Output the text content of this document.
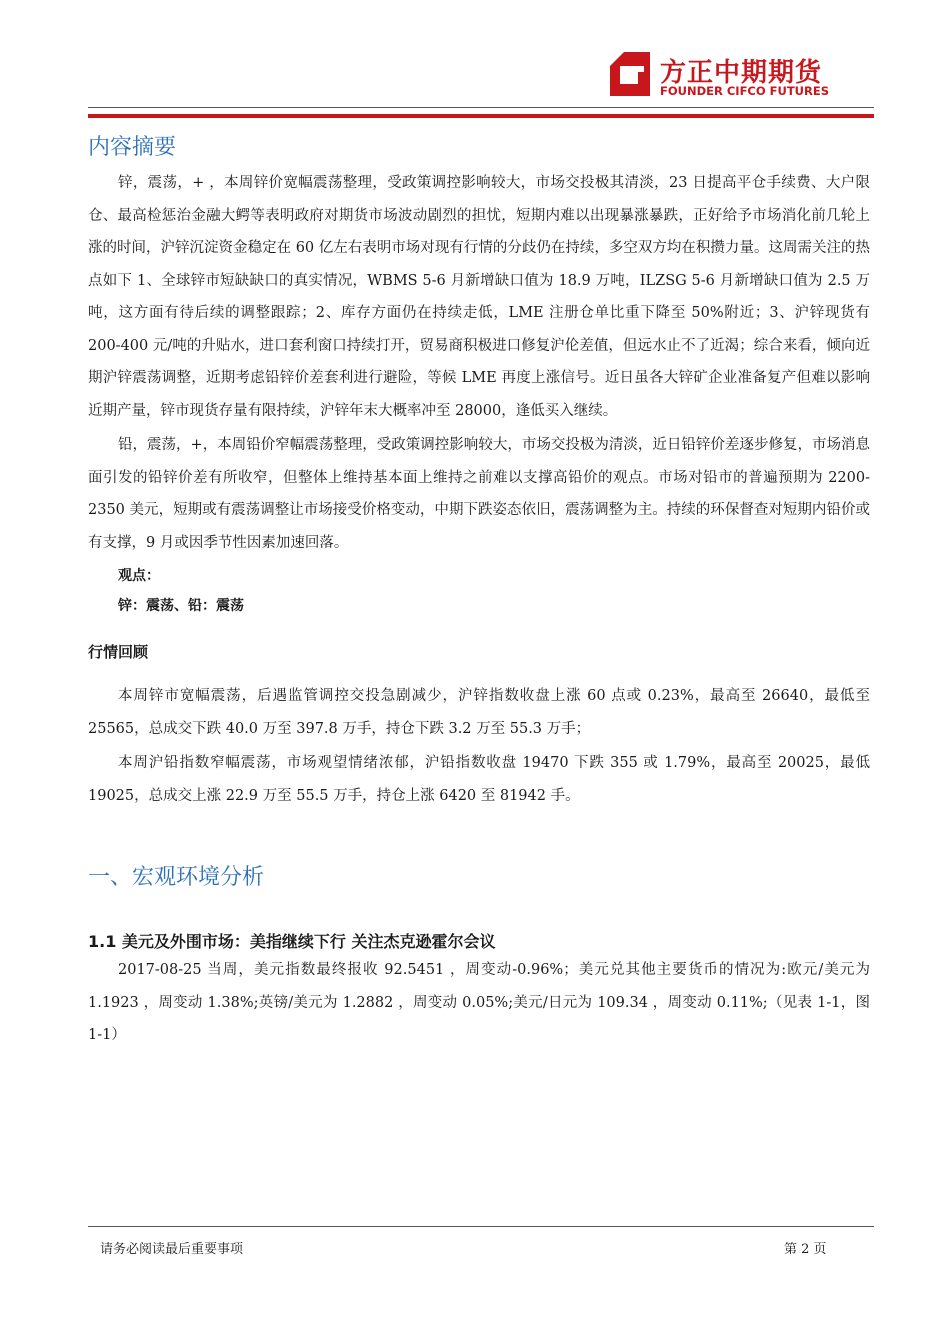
方正中期期货
FOUNDER CIFCO FUTURES
内容摘要

锌，震荡，+ ，本周锌价宽幅震荡整理，受政策调控影响较大，市场交投极其清淡，23 日提高平仓手续费、大户限仓、最高检惩治金融大鳄等表明政府对期货市场波动剧烈的担忧，短期内难以出现暴涨暴跌，正好给予市场消化前几轮上涨的时间，沪锌沉淀资金稳定在 60 亿左右表明市场对现有行情的分歧仍在持续，多空双方均在积攒力量。这周需关注的热点如下 1、全球锌市短缺缺口的真实情况，WBMS 5-6 月新增缺口值为 18.9 万吨，ILZSG 5-6 月新增缺口值为 2.5 万吨，这方面有待后续的调整跟踪；2、库存方面仍在持续走低，LME 注册仓单比重下降至 50%附近；3、沪锌现货有 200-400 元/吨的升贴水，进口套利窗口持续打开，贸易商积极进口修复沪伦差值，但远水止不了近渴；综合来看，倾向近期沪锌震荡调整，近期考虑铅锌价差套利进行避险，等候 LME 再度上涨信号。近日虽各大锌矿企业准备复产但难以影响近期产量，锌市现货存量有限持续，沪锌年末大概率冲至 28000，逢低买入继续。

铅，震荡，+，本周铅价窄幅震荡整理，受政策调控影响较大，市场交投极为清淡，近日铅锌价差逐步修复，市场消息面引发的铅锌价差有所收窄，但整体上维持基本面上维持之前难以支撑高铅价的观点。市场对铅市的普遍预期为 2200-2350 美元，短期或有震荡调整让市场接受价格变动，中期下跌姿态依旧，震荡调整为主。持续的环保督查对短期内铅价或有支撑，9 月或因季节性因素加速回落。

观点：

锌：震荡、铅：震荡

行情回顾

本周锌市宽幅震荡，后遇监管调控交投急剧减少，沪锌指数收盘上涨 60 点或 0.23%，最高至 26640，最低至 25565，总成交下跌 40.0 万至 397.8 万手，持仓下跌 3.2 万至 55.3 万手；

本周沪铅指数窄幅震荡，市场观望情绪浓郁，沪铅指数收盘 19470 下跌 355 或 1.79%，最高至 20025，最低 19025，总成交上涨 22.9 万至 55.5 万手，持仓上涨 6420 至 81942 手。

一、宏观环境分析
1.1 美元及外围市场：美指继续下行 关注杰克逊霍尔会议

2017-08-25 当周，美元指数最终报收 92.5451 ，周变动-0.96%；美元兑其他主要货币的情况为:欧元/美元为 1.1923 ，周变动 1.38%;英镑/美元为 1.2882 ，周变动 0.05%;美元/日元为 109.34 ，周变动 0.11%;（见表 1-1，图 1-1）

请务必阅读最后重要事项	第 2 页
